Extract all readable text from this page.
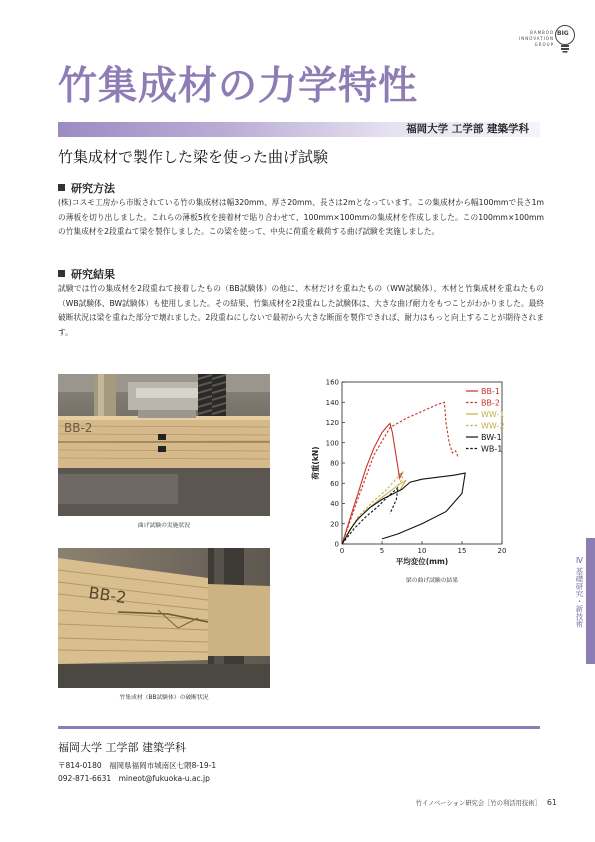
BAMBOO
INNOVATION
GROUP
BIG
竹集成材の力学特性
福岡大学 工学部 建築学科
竹集成材で製作した梁を使った曲げ試験
研究方法
(株)コスモ工房から市販されている竹の集成材は幅320mm、厚さ20mm、長さは2mとなっています。この集成材から幅100mmで長さ1mの薄板を切り出しました。これらの薄板5枚を接着材で貼り合わせて、100mm×100mmの集成材を作成しました。この100mm×100mmの竹集成材を2段重ねて梁を製作しました。この梁を使って、中央に荷重を載荷する曲げ試験を実施しました。
研究結果
試験では竹の集成材を2段重ねて接着したもの（BB試験体）の他に、木材だけを重ねたもの（WW試験体）、木材と竹集成材を重ねたもの（WB試験体、BW試験体）も使用しました。その結果、竹集成材を2段重ねした試験体は、大きな曲げ耐力をもつことがわかりました。最終破断状況は梁を重ねた部分で壊れました。2段重ねにしないで最初から大きな断面を製作できれば、耐力はもっと向上することが期待されます。
BB-2
曲げ試験の実施状況
BB-2
竹集成材（BB試験体）の破断状況
0	5	10	15	20
0
20
40
60
80
100
120
140
160
平均変位(mm)
荷重(kN)
BB-1
BB-2
WW-1
WW-2
BW-1
WB-1
梁の曲げ試験の結果
Ⅳ 基礎研究・新技術
福岡大学 工学部 建築学科
〒814-0180　福岡県福岡市城南区七隈8-19-1
092-871-6631　mineot@fukuoka-u.ac.jp
竹イノベーション研究会［竹の利活用技術］ 61
